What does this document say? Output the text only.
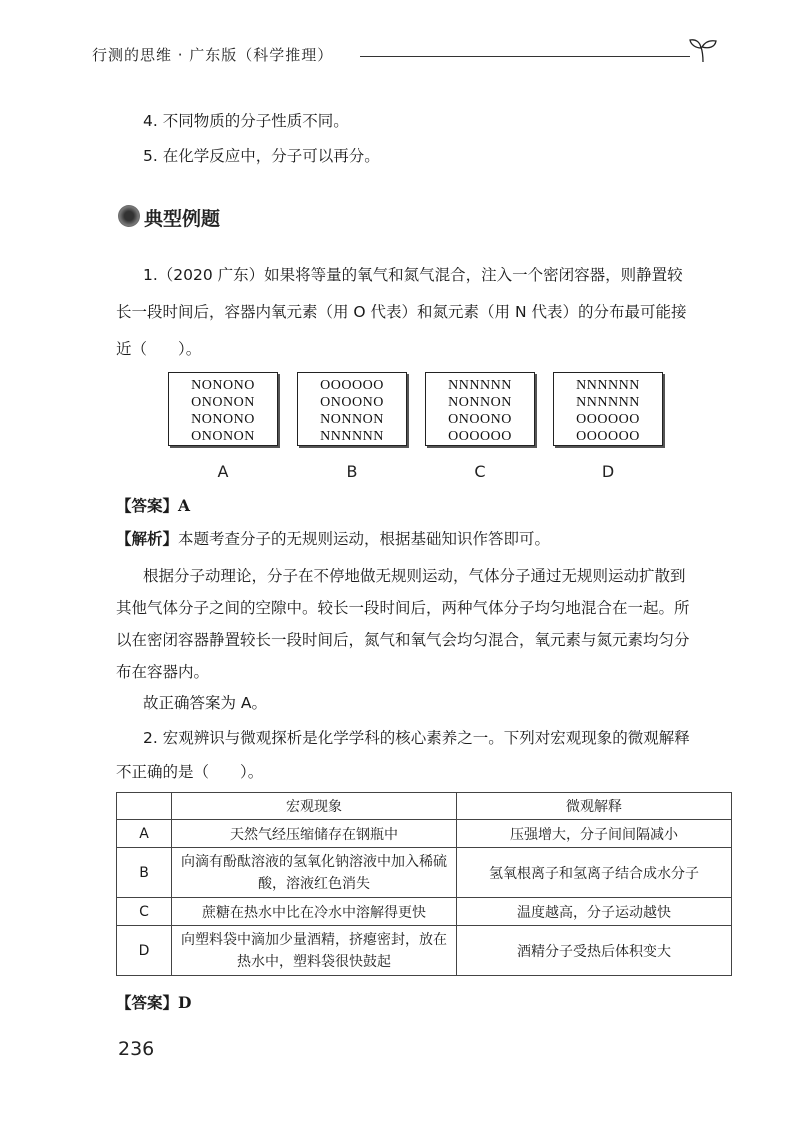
行测的思维 · 广东版（科学推理）
4. 不同物质的分子性质不同。
5. 在化学反应中，分子可以再分。
典型例题
1.（2020 广东）如果将等量的氧气和氮气混合，注入一个密闭容器，则静置较
长一段时间后，容器内氧元素（用 O 代表）和氮元素（用 N 代表）的分布最可能接
近（　　）。
NONONO
ONONON
NONONO
ONONON
OOOOOO
ONOONO
NONNON
NNNNNN
NNNNNN
NONNON
ONOONO
OOOOOO
NNNNNN
NNNNNN
OOOOOO
OOOOOO
A	B	C	D
【答案】A
【解析】本题考查分子的无规则运动，根据基础知识作答即可。
根据分子动理论，分子在不停地做无规则运动，气体分子通过无规则运动扩散到
其他气体分子之间的空隙中。较长一段时间后，两种气体分子均匀地混合在一起。所
以在密闭容器静置较长一段时间后，氮气和氧气会均匀混合，氧元素与氮元素均匀分
布在容器内。
故正确答案为 A。
2. 宏观辨识与微观探析是化学学科的核心素养之一。下列对宏观现象的微观解释
不正确的是（　　）。
	宏观现象	微观解释
A	天然气经压缩储存在钢瓶中	压强增大，分子间间隔减小
B	向滴有酚酞溶液的氢氧化钠溶液中加入稀硫酸，溶液红色消失	氢氧根离子和氢离子结合成水分子
C	蔗糖在热水中比在冷水中溶解得更快	温度越高，分子运动越快
D	向塑料袋中滴加少量酒精，挤瘪密封，放在热水中，塑料袋很快鼓起	酒精分子受热后体积变大
【答案】D
236
